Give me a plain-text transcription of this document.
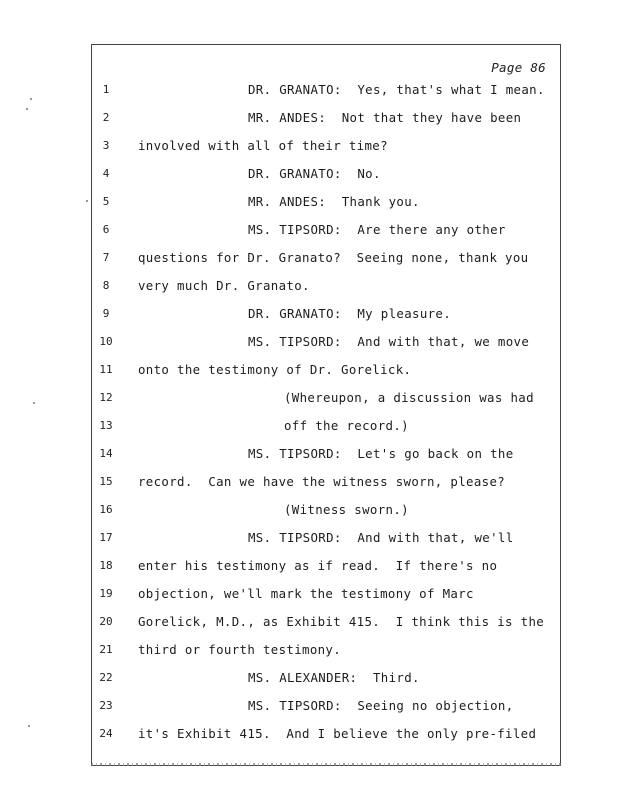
Page 86
1
2
3
4
5
6
7
8
9
10
11
12
13
14
15
16
17
18
19
20
21
22
23
24
DR. GRANATO:  Yes, that's what I mean.
MR. ANDES:  Not that they have been
involved with all of their time?
DR. GRANATO:  No.
MR. ANDES:  Thank you.
MS. TIPSORD:  Are there any other
questions for Dr. Granato?  Seeing none, thank you
very much Dr. Granato.
DR. GRANATO:  My pleasure.
MS. TIPSORD:  And with that, we move
onto the testimony of Dr. Gorelick.
(Whereupon, a discussion was had
off the record.)
MS. TIPSORD:  Let's go back on the
record.  Can we have the witness sworn, please?
(Witness sworn.)
MS. TIPSORD:  And with that, we'll
enter his testimony as if read.  If there's no
objection, we'll mark the testimony of Marc
Gorelick, M.D., as Exhibit 415.  I think this is the
third or fourth testimony.
MS. ALEXANDER:  Third.
MS. TIPSORD:  Seeing no objection,
it's Exhibit 415.  And I believe the only pre-filed
